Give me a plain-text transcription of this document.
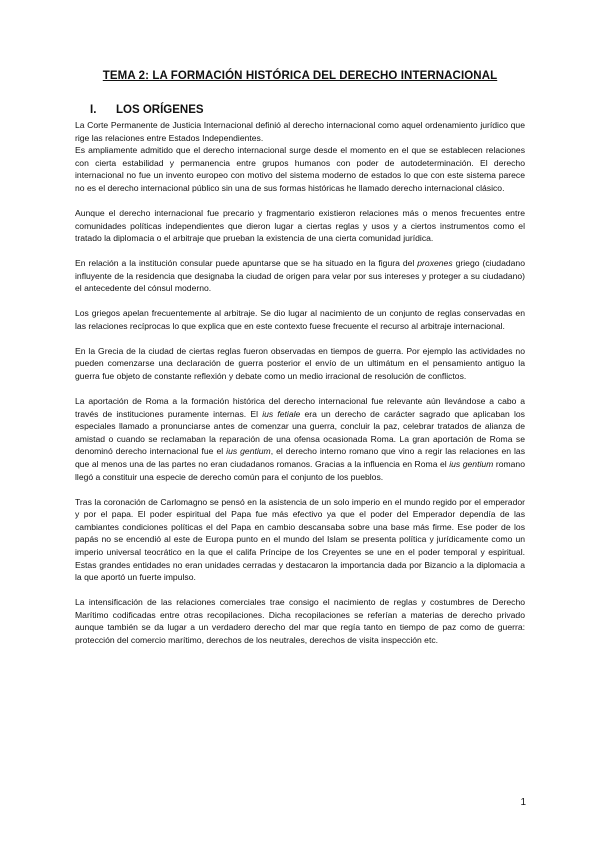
TEMA 2: LA FORMACIÓN HISTÓRICA DEL DERECHO INTERNACIONAL
I. LOS ORÍGENES

La Corte Permanente de Justicia Internacional definió al derecho internacional como aquel ordenamiento jurídico que rige las relaciones entre Estados Independientes.

Es ampliamente admitido que el derecho internacional surge desde el momento en el que se establecen relaciones con cierta estabilidad y permanencia entre grupos humanos con poder de autodeterminación. El derecho internacional no fue un invento europeo con motivo del sistema moderno de estados lo que con este sistema parece no es el derecho internacional público sin una de sus formas históricas he llamado derecho internacional clásico.

Aunque el derecho internacional fue precario y fragmentario existieron relaciones más o menos frecuentes entre comunidades políticas independientes que dieron lugar a ciertas reglas y usos y a ciertos instrumentos como el tratado la diplomacia o el arbitraje que prueban la existencia de una cierta comunidad jurídica.

En relación a la institución consular puede apuntarse que se ha situado en la figura del proxenes griego (ciudadano influyente de la residencia que designaba la ciudad de origen para velar por sus intereses y proteger a su ciudadano) el antecedente del cónsul moderno.

Los griegos apelan frecuentemente al arbitraje. Se dio lugar al nacimiento de un conjunto de reglas conservadas en las relaciones recíprocas lo que explica que en este contexto fuese frecuente el recurso al arbitraje internacional.

En la Grecia de la ciudad de ciertas reglas fueron observadas en tiempos de guerra. Por ejemplo las actividades no pueden comenzarse una declaración de guerra posterior el envío de un ultimátum en el pensamiento antiguo la guerra fue objeto de constante reflexión y debate como un medio irracional de resolución de conflictos.

La aportación de Roma a la formación histórica del derecho internacional fue relevante aún llevándose a cabo a través de instituciones puramente internas. El ius fetiale era un derecho de carácter sagrado que aplicaban los especiales llamado a pronunciarse antes de comenzar una guerra, concluir la paz, celebrar tratados de alianza de amistad o cuando se reclamaban la reparación de una ofensa ocasionada Roma. La gran aportación de Roma se denominó derecho internacional fue el ius gentium, el derecho interno romano que vino a regir las relaciones en las que al menos una de las partes no eran ciudadanos romanos. Gracias a la influencia en Roma el ius gentium romano llegó a constituir una especie de derecho común para el conjunto de los pueblos.

Tras la coronación de Carlomagno se pensó en la asistencia de un solo imperio en el mundo regido por el emperador y por el papa. El poder espiritual del Papa fue más efectivo ya que el poder del Emperador dependía de las cambiantes condiciones políticas el del Papa en cambio descansaba sobre una base más firme. Ese poder de los papás no se encendió al este de Europa punto en el mundo del Islam se presenta política y jurídicamente como un imperio universal teocrático en la que el califa Príncipe de los Creyentes se une en el poder temporal y espiritual. Estas grandes entidades no eran unidades cerradas y destacaron la importancia dada por Bizancio a la diplomacia a la que aportó un fuerte impulso.

La intensificación de las relaciones comerciales trae consigo el nacimiento de reglas y costumbres de Derecho Marítimo codificadas entre otras recopilaciones. Dicha recopilaciones se referían a materias de derecho privado aunque también se da lugar a un verdadero derecho del mar que regía tanto en tiempo de paz como de guerra: protección del comercio marítimo, derechos de los neutrales, derechos de visita inspección etc.

1
